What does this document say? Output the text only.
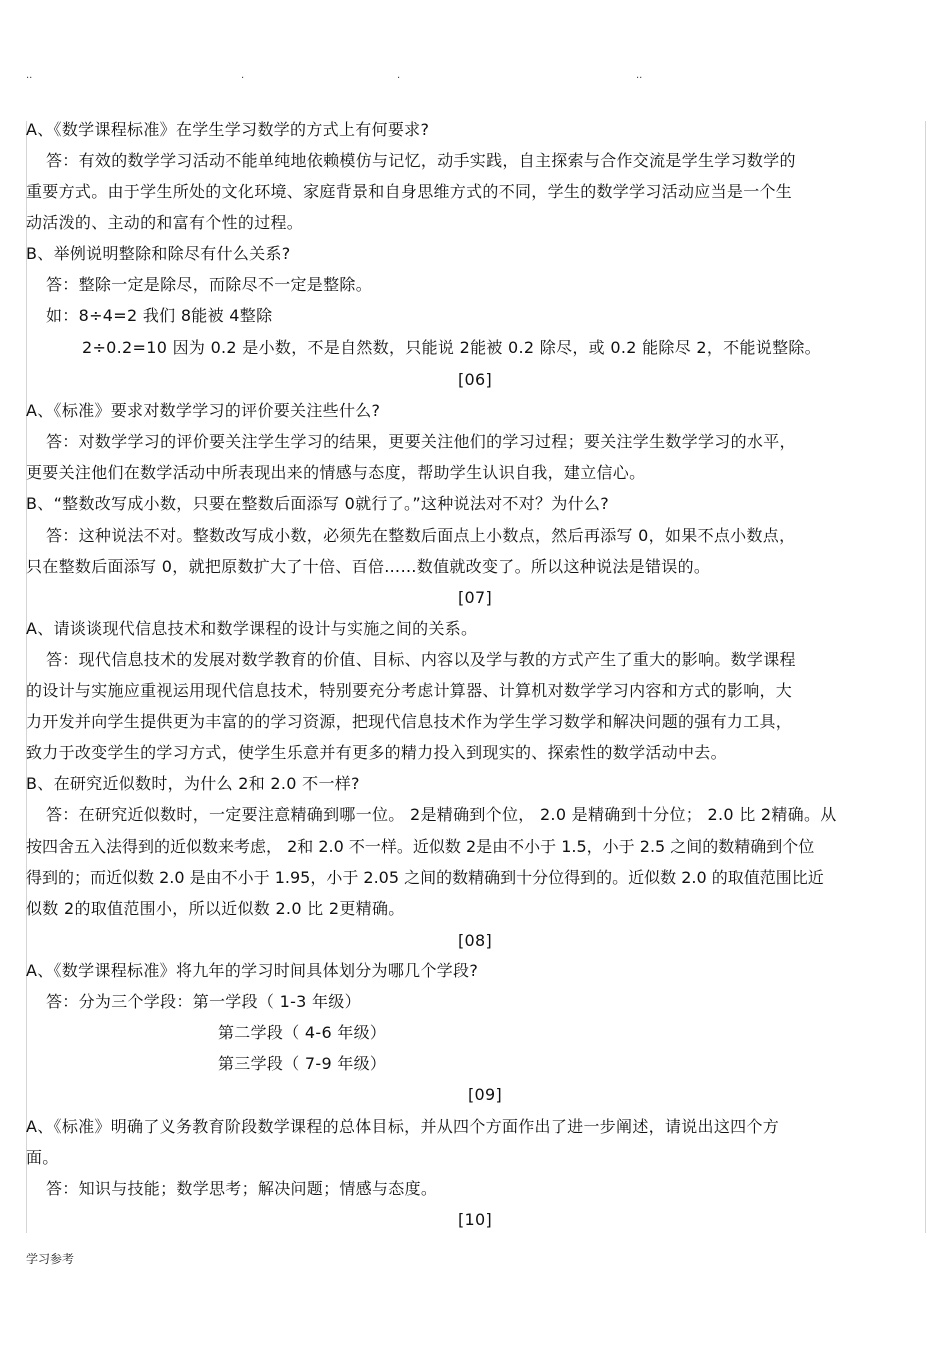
..	.	.	..
A、《数学课程标准》在学生学习数学的方式上有何要求?
答：有效的数学学习活动不能单纯地依赖模仿与记忆，动手实践，自主探索与合作交流是学生学习数学的
重要方式。由于学生所处的文化环境、家庭背景和自身思维方式的不同，学生的数学学习活动应当是一个生
动活泼的、主动的和富有个性的过程。
B、举例说明整除和除尽有什么关系?
答：整除一定是除尽，而除尽不一定是整除。
如：8÷4=2 我们 8能被 4整除
2÷0.2=10 因为 0.2 是小数，不是自然数，只能说 2能被 0.2 除尽，或 0.2 能除尽 2，不能说整除。
[06]
A、《标准》要求对数学学习的评价要关注些什么?
答：对数学学习的评价要关注学生学习的结果，更要关注他们的学习过程；要关注学生数学学习的水平，
更要关注他们在数学活动中所表现出来的情感与态度，帮助学生认识自我，建立信心。
B、“整数改写成小数，只要在整数后面添写 0就行了。”这种说法对不对？为什么?
答：这种说法不对。整数改写成小数，必须先在整数后面点上小数点，然后再添写 0，如果不点小数点，
只在整数后面添写 0，就把原数扩大了十倍、百倍……数值就改变了。所以这种说法是错误的。
[07]
A、请谈谈现代信息技术和数学课程的设计与实施之间的关系。
答：现代信息技术的发展对数学教育的价值、目标、内容以及学与教的方式产生了重大的影响。数学课程
的设计与实施应重视运用现代信息技术，特别要充分考虑计算器、计算机对数学学习内容和方式的影响，大
力开发并向学生提供更为丰富的的学习资源，把现代信息技术作为学生学习数学和解决问题的强有力工具，
致力于改变学生的学习方式，使学生乐意并有更多的精力投入到现实的、探索性的数学活动中去。
B、在研究近似数时，为什么 2和 2.0 不一样?
答：在研究近似数时，一定要注意精确到哪一位。 2是精确到个位， 2.0 是精确到十分位； 2.0 比 2精确。从
按四舍五入法得到的近似数来考虑， 2和 2.0 不一样。近似数 2是由不小于 1.5，小于 2.5 之间的数精确到个位
得到的；而近似数 2.0 是由不小于 1.95，小于 2.05 之间的数精确到十分位得到的。近似数 2.0 的取值范围比近
似数 2的取值范围小，所以近似数 2.0 比 2更精确。
[08]
A、《数学课程标准》将九年的学习时间具体划分为哪几个学段?
答：分为三个学段：第一学段（ 1-3 年级）
第二学段（ 4-6 年级）
第三学段（ 7-9 年级）
[09]
A、《标准》明确了义务教育阶段数学课程的总体目标，并从四个方面作出了进一步阐述，请说出这四个方
面。
答：知识与技能；数学思考；解决问题；情感与态度。
[10]
学习参考
